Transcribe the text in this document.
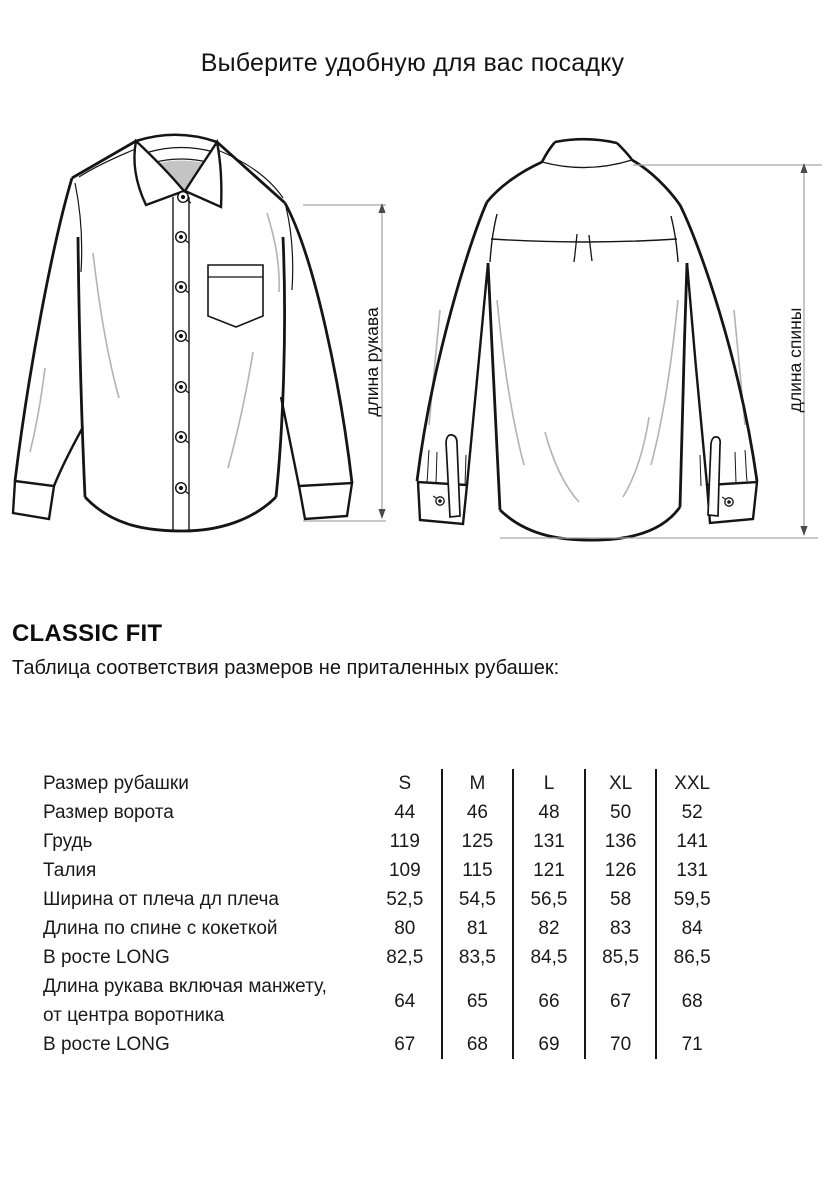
Выберите удобную для вас посадку
длина рукава	длина спины
CLASSIC FIT
Таблица соответствия размеров не приталенных рубашек:
Размер рубашки	S	M	L	XL	XXL
Размер ворота	44	46	48	50	52
Грудь	119	125	131	136	141
Талия	109	115	121	126	131
Ширина от плеча дл плеча	52,5	54,5	56,5	58	59,5
Длина по спине с кокеткой	80	81	82	83	84
В росте LONG	82,5	83,5	84,5	85,5	86,5
Длина рукава включая манжету,
от центра воротника
64	65	66	67	68
В росте LONG	67	68	69	70	71
